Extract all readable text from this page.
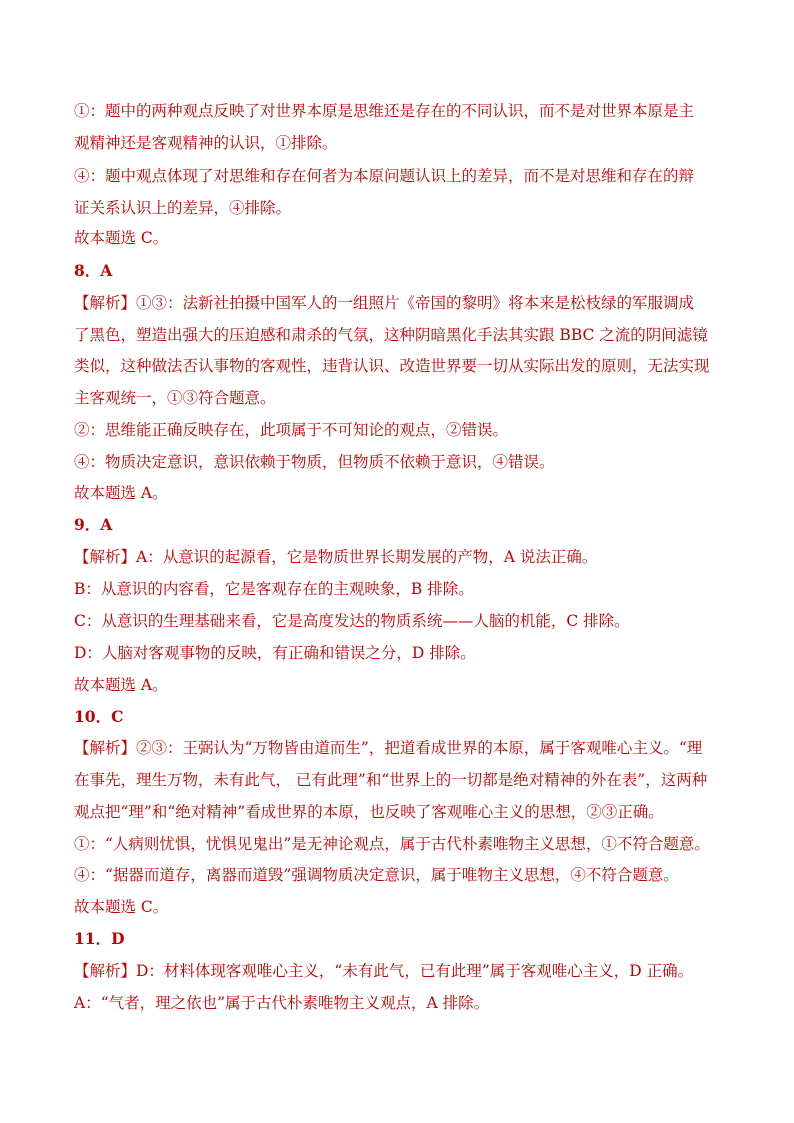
①：题中的两种观点反映了对世界本原是思维还是存在的不同认识，而不是对世界本原是主
观精神还是客观精神的认识，①排除。
④：题中观点体现了对思维和存在何者为本原问题认识上的差异，而不是对思维和存在的辩
证关系认识上的差异，④排除。
故本题选 C。
8．A
【解析】①③：法新社拍摄中国军人的一组照片《帝国的黎明》将本来是松枝绿的军服调成
了黑色，塑造出强大的压迫感和肃杀的气氛，这种阴暗黑化手法其实跟 BBC 之流的阴间滤镜
类似，这种做法否认事物的客观性，违背认识、改造世界要一切从实际出发的原则，无法实现
主客观统一，①③符合题意。
②：思维能正确反映存在，此项属于不可知论的观点，②错误。
④：物质决定意识，意识依赖于物质，但物质不依赖于意识，④错误。
故本题选 A。
9．A
【解析】A：从意识的起源看，它是物质世界长期发展的产物，A 说法正确。
B：从意识的内容看，它是客观存在的主观映象，B 排除。
C：从意识的生理基础来看，它是高度发达的物质系统——人脑的机能，C 排除。
D：人脑对客观事物的反映，有正确和错误之分，D 排除。
故本题选 A。
10．C
【解析】②③：王弼认为“万物皆由道而生”，把道看成世界的本原，属于客观唯心主义。“理
在事先，理生万物，未有此气， 已有此理”和“世界上的一切都是绝对精神的外在表”，这两种
观点把“理”和“绝对精神”看成世界的本原，也反映了客观唯心主义的思想，②③正确。
①：“人病则忧惧，忧惧见鬼出”是无神论观点，属于古代朴素唯物主义思想，①不符合题意。
④：“据器而道存，离器而道毁”强调物质决定意识，属于唯物主义思想，④不符合题意。
故本题选 C。
11．D
【解析】D：材料体现客观唯心主义，“未有此气，已有此理”属于客观唯心主义，D 正确。
A：“气者，理之依也”属于古代朴素唯物主义观点，A 排除。
